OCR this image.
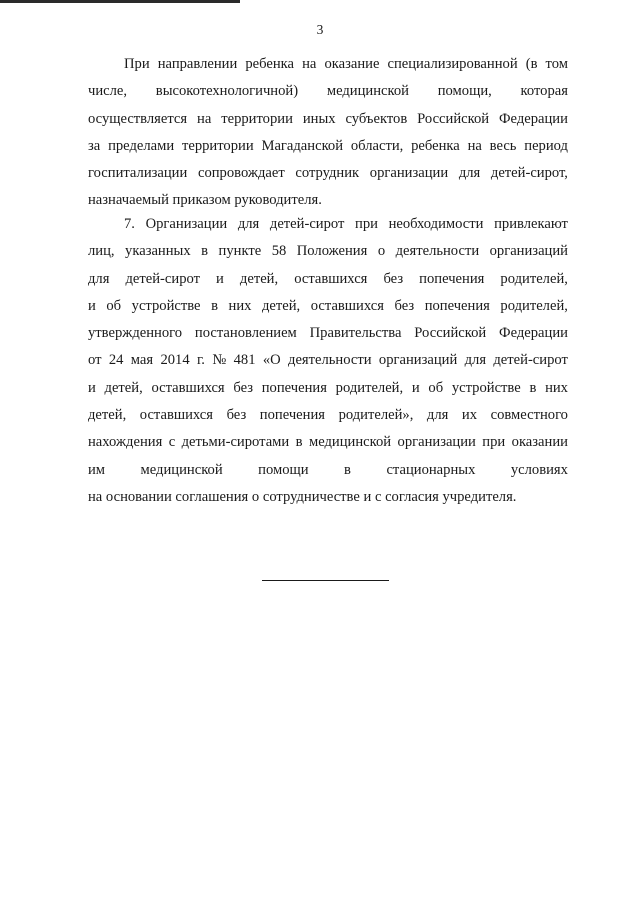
3
При направлении ребенка на оказание специализированной (в том
числе, высокотехнологичной) медицинской помощи, которая
осуществляется на территории иных субъектов Российской Федерации
за пределами территории Магаданской области, ребенка на весь период
госпитализации сопровождает сотрудник организации для детей-сирот,
назначаемый приказом руководителя.
7. Организации для детей-сирот при необходимости привлекают
лиц, указанных в пункте 58 Положения о деятельности организаций
для детей-сирот и детей, оставшихся без попечения родителей,
и об устройстве в них детей, оставшихся без попечения родителей,
утвержденного постановлением Правительства Российской Федерации
от 24 мая 2014 г. № 481 «О деятельности организаций для детей-сирот
и детей, оставшихся без попечения родителей, и об устройстве в них
детей, оставшихся без попечения родителей», для их совместного
нахождения с детьми-сиротами в медицинской организации при оказании
им медицинской помощи в стационарных условиях
на основании соглашения о сотрудничестве и с согласия учредителя.
